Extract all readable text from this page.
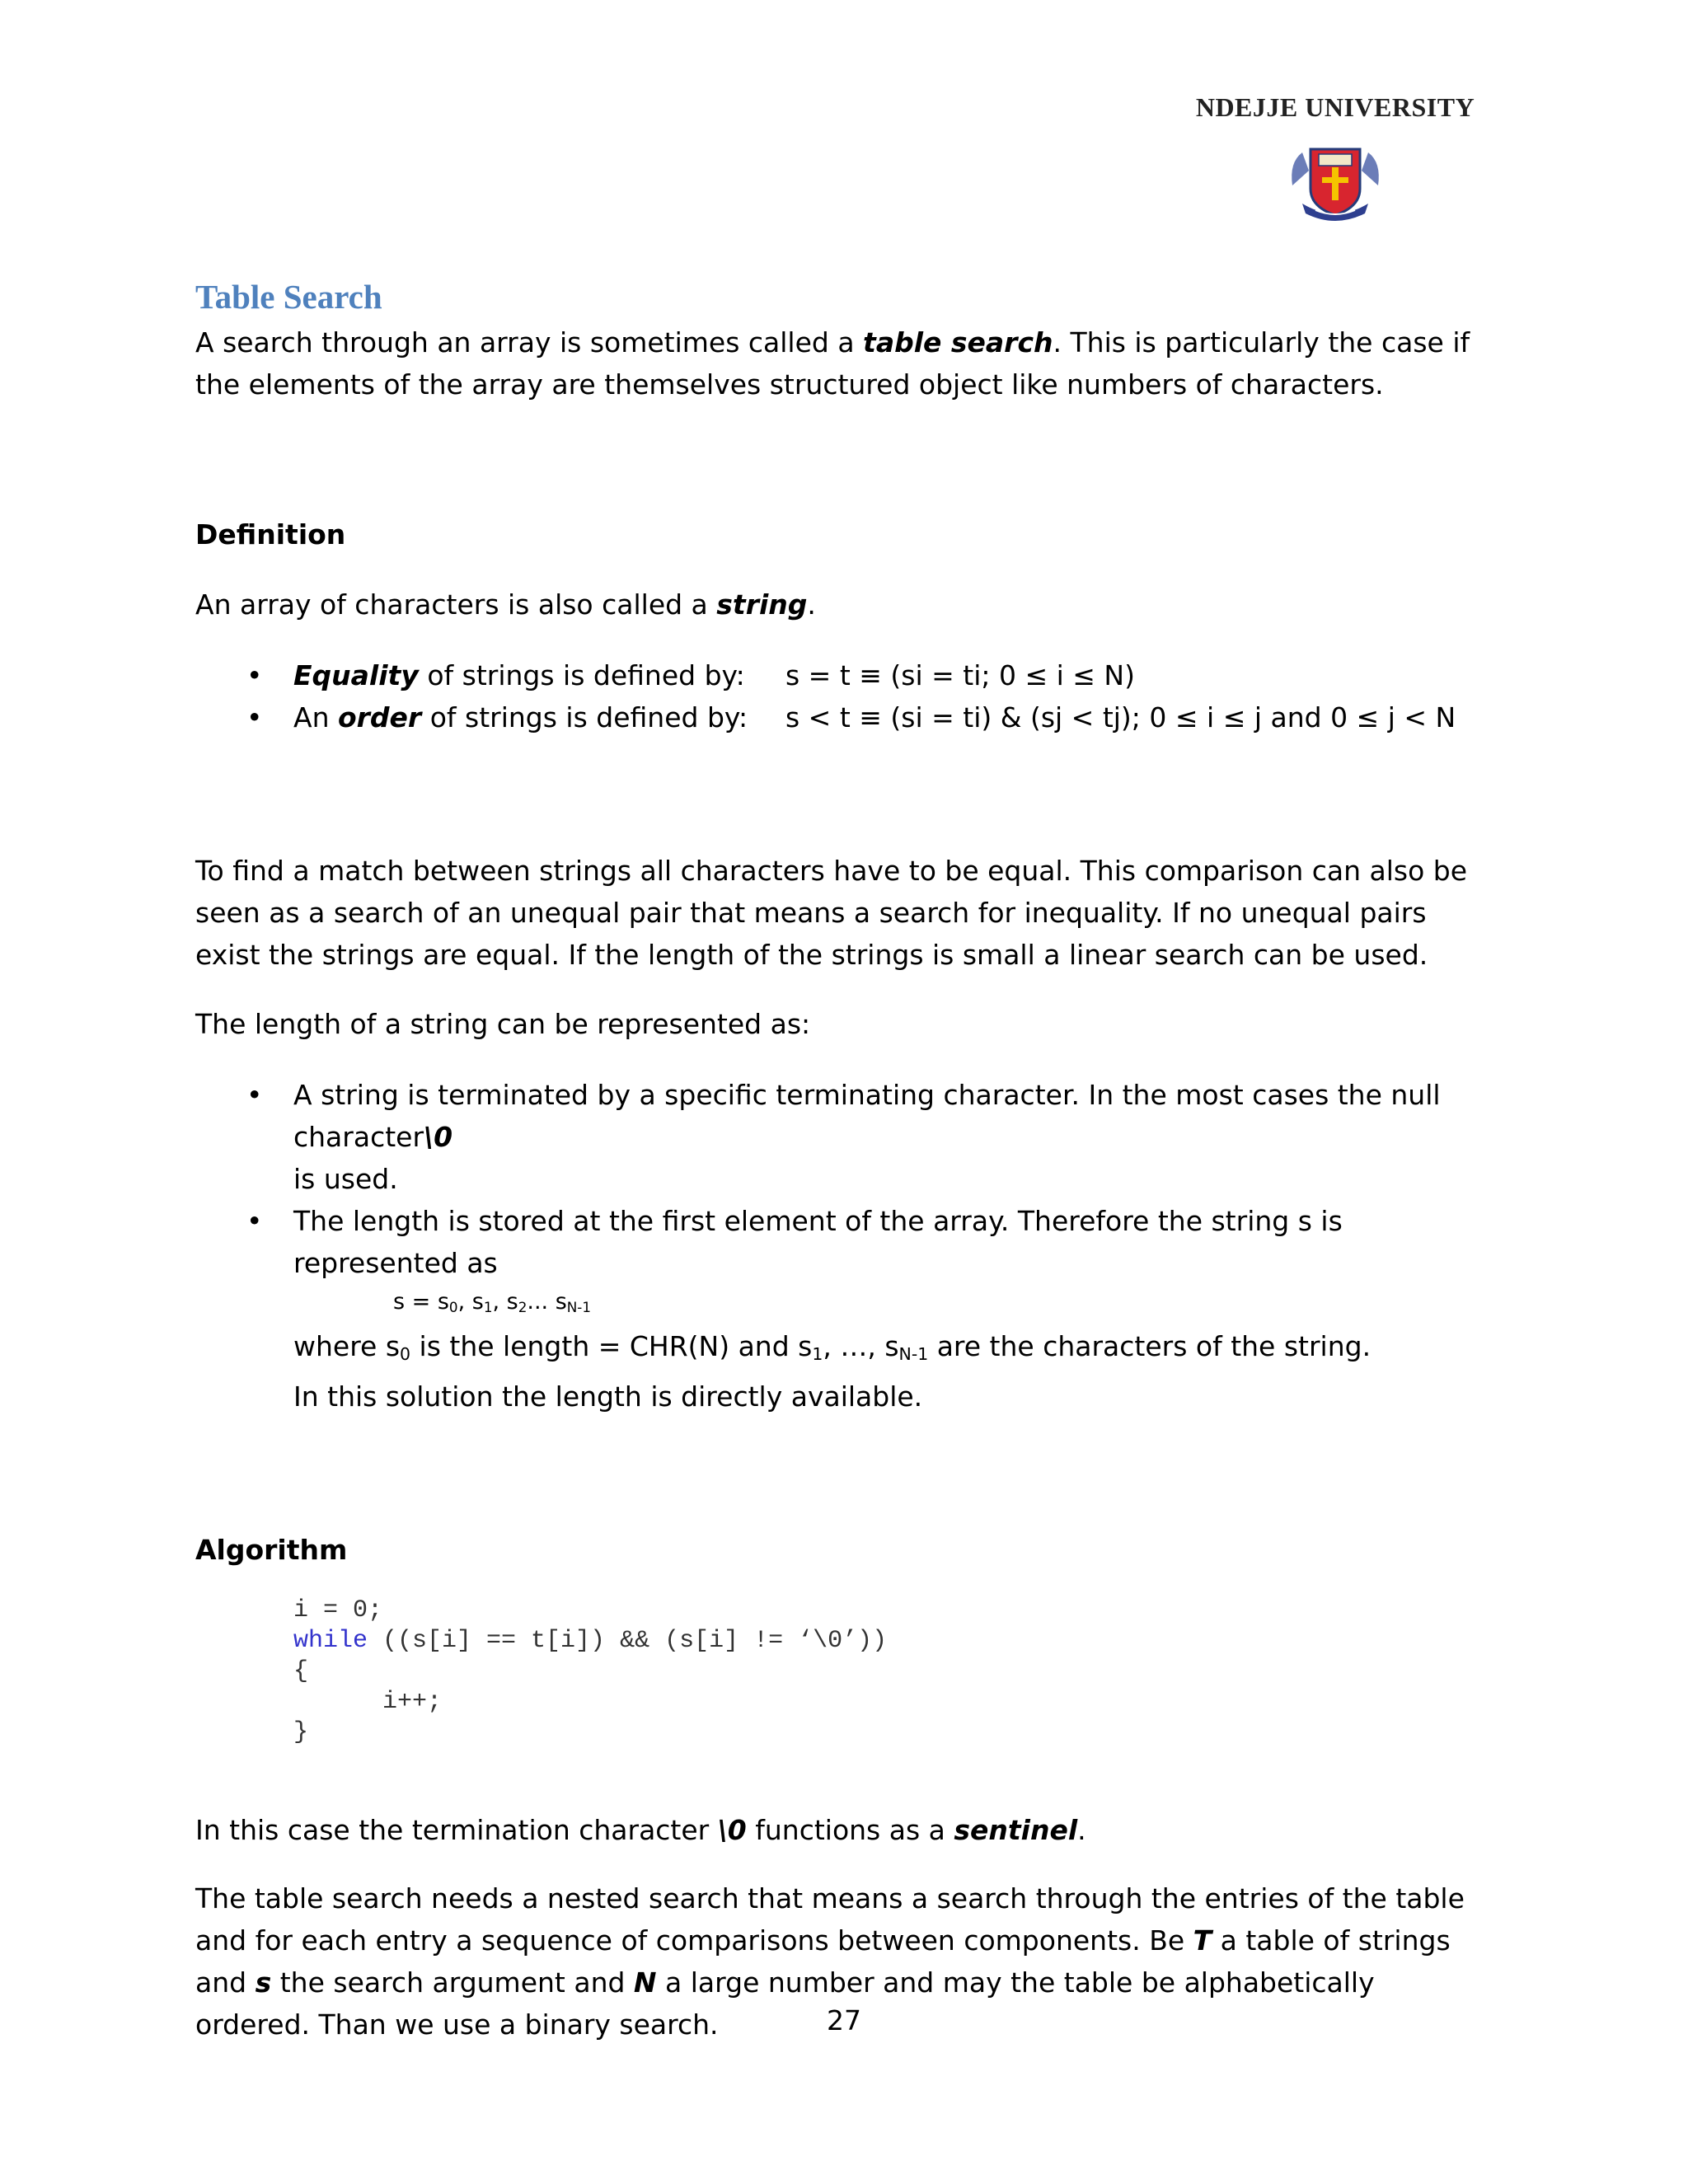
NDEJJE UNIVERSITY
Table Search

A search through an array is sometimes called a table search. This is particularly the case if the elements of the array are themselves structured object like numbers of characters.

Definition

An array of characters is also called a string.

• Equality of strings is defined by: s = t ≡ (si = ti; 0 ≤ i ≤ N)
• An order of strings is defined by: s < t ≡ (si = ti) & (sj < tj); 0 ≤ i ≤ j and 0 ≤ j < N

To find a match between strings all characters have to be equal. This comparison can also be seen as a search of an unequal pair that means a search for inequality. If no unequal pairs exist the strings are equal. If the length of the strings is small a linear search can be used.

The length of a string can be represented as:

• A string is terminated by a specific terminating character. In the most cases the null character\0
is used.
• The length is stored at the first element of the array. Therefore the string s is represented as
$s = s_0$, $s_1$, $s_2$... $s_{N-1}$
where $s_0$ is the length = CHR(N) and $s_1$, …, $s_{N-1}$ are the characters of the string.
In this solution the length is directly available.

Algorithm

i = 0;
while ((s[i] == t[i]) && (s[i] != ‘\0’))
{
i++;
}

In this case the termination character \0 functions as a sentinel.

The table search needs a nested search that means a search through the entries of the table and for each entry a sequence of comparisons between components. Be T a table of strings and s the search argument and N a large number and may the table be alphabetically ordered. Than we use a binary search.	27
